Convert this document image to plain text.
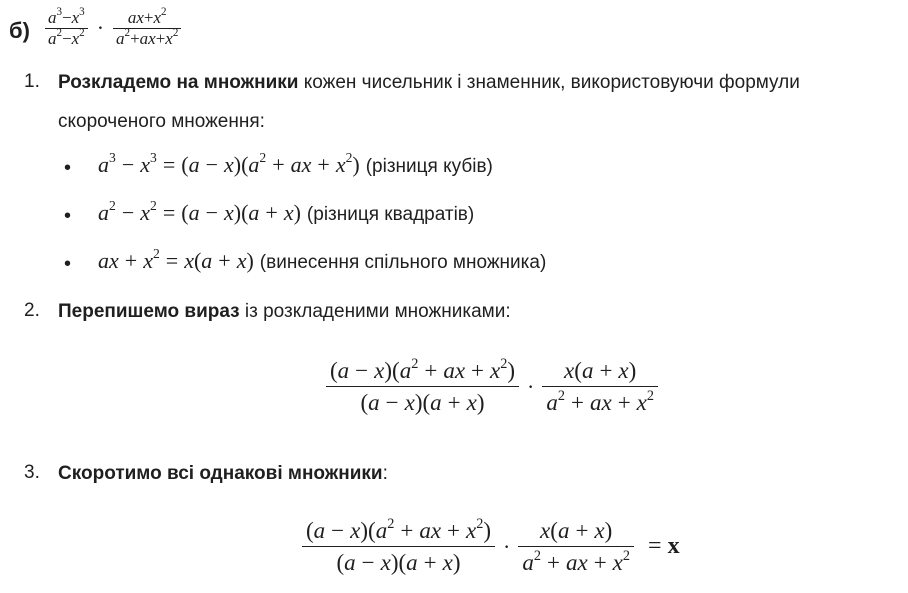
$б) \frac{a^3-x^3}{a^2-x^2} \cdot \frac{ax+x^2}{a^2+ax+x^2}$
1. Розкладемо на множники кожен чисельник і знаменник, використовуючи формули
скороченого множення:
• $a^3 - x^3 = (a - x)(a^2$ + ax + $x^2$) (різниця кубів)
• $a^2 - x^2 = (a - x)(a + x)$ (різниця квадратів)
• ax + $x^2 = x(a + x)$ (винесення спільного множника)
2. Перепишемо вираз із розкладеними множниками:
$\frac{(a - x)(a^2 + ax + x^2)}{(a - x)(a + x)} \cdot \frac{x(a + x)}{a^2 + ax + x^2}$
3. Скоротимо всі однакові множники:
$\frac{(a - x)(a^2 + ax + x^2)}{(a - x)(a + x)} \cdot \frac{x(a + x)}{a^2 + ax + x^2} = x$
